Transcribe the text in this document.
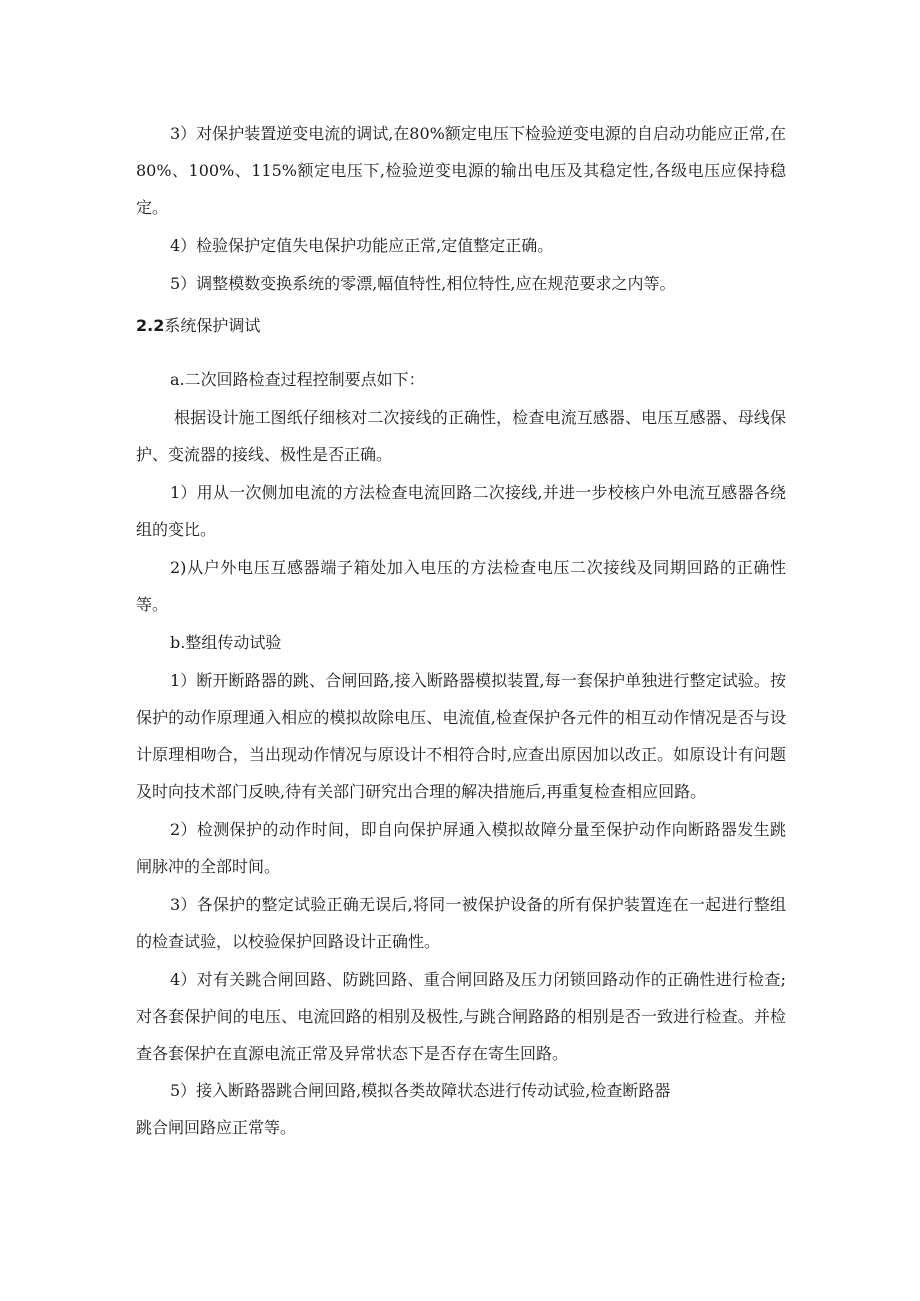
3）对保护装置逆变电流的调试,在80%额定电压下检验逆变电源的自启动功能应正常,在80%、100%、115%额定电压下,检验逆变电源的输出电压及其稳定性,各级电压应保持稳定。

4）检验保护定值失电保护功能应正常,定值整定正确。

5）调整模数变换系统的零漂,幅值特性,相位特性,应在规范要求之内等。

2.2系统保护调试

a.二次回路检查过程控制要点如下：

根据设计施工图纸仔细核对二次接线的正确性，检查电流互感器、电压互感器、母线保护、变流器的接线、极性是否正确。

1）用从一次侧加电流的方法检查电流回路二次接线,并进一步校核户外电流互感器各绕组的变比。

2)从户外电压互感器端子箱处加入电压的方法检查电压二次接线及同期回路的正确性等。

b.整组传动试验

1）断开断路器的跳、合闸回路,接入断路器模拟装置,每一套保护单独进行整定试验。按保护的动作原理通入相应的模拟故除电压、电流值,检查保护各元件的相互动作情况是否与设计原理相吻合，当出现动作情况与原设计不相符合时,应查出原因加以改正。如原设计有问题及时向技术部门反映,待有关部门研究出合理的解决措施后,再重复检查相应回路。

2）检测保护的动作时间，即自向保护屏通入模拟故障分量至保护动作向断路器发生跳闸脉冲的全部时间。

3）各保护的整定试验正确无误后,将同一被保护设备的所有保护装置连在一起进行整组的检查试验，以校验保护回路设计正确性。

4）对有关跳合闸回路、防跳回路、重合闸回路及压力闭锁回路动作的正确性进行检查;对各套保护间的电压、电流回路的相别及极性,与跳合闸路路的相别是否一致进行检查。并检查各套保护在直源电流正常及异常状态下是否存在寄生回路。

5）接入断路器跳合闸回路,模拟各类故障状态进行传动试验,检查断路器

跳合闸回路应正常等。
